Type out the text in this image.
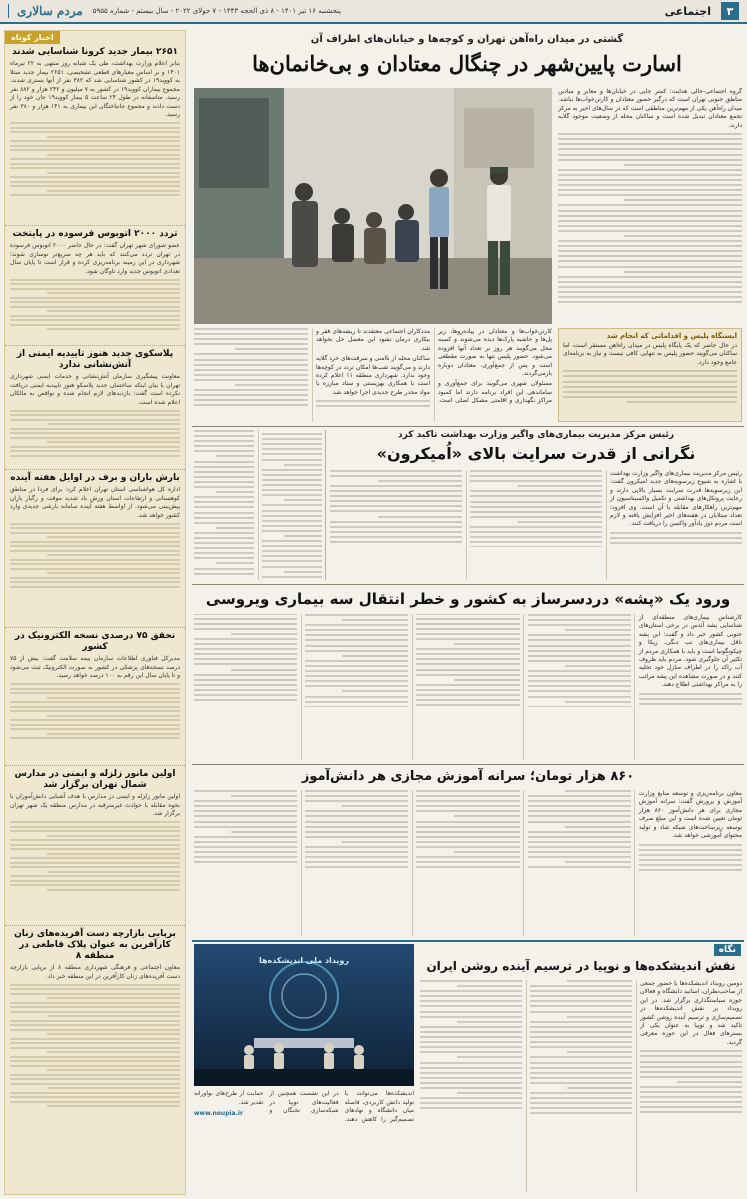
۳
اجتماعی
پنجشنبه ۱۶ تیر ۱۴۰۱ - ۸ ذی الحجه ۱۴۴۳ - ۷ جولای ۲۰۲۲ - سال بیستم - شماره ۵۹۵۵
مردم سالاری
اخبار کوتاه
۲۶۵۱ بیمار جدید کرونا شناسایی شدند

بنابر اعلام وزارت بهداشت، طی یک شبانه روز منتهی به ۲۲ تیرماه ۱۴۰۱ و بر اساس معیارهای قطعی تشخیصی، ۲۶۵۱ بیمار جدید مبتلا به کووید۱۹ در کشور شناسایی شد که ۳۸۲ نفر از آنها بستری شدند. مجموع بیماران کووید۱۹ در کشور به ۷ میلیون و ۲۴۲ هزار و ۸۸۲ نفر رسید. متاسفانه در طول ۲۴ ساعت ۵ بیمار کووید۱۹ جان خود را از دست دادند و مجموع جانباختگان این بیماری به ۱۴۱ هزار و ۳۸۰ نفر رسید.

تردد ۲۰۰۰ اتوبوس فرسوده در پایتخت

عضو شورای شهر تهران گفت: در حال حاضر ۲۰۰۰ اتوبوس فرسوده در تهران تردد می‌کنند که باید هر چه سریع‌تر نوسازی شوند؛ شهرداری در این زمینه برنامه‌ریزی کرده و قرار است تا پایان سال تعدادی اتوبوس جدید وارد ناوگان شود.

پلاسکوی جدید هنوز تاییدیه ایمنی از آتش‌نشانی ندارد

معاونت پیشگیری سازمان آتش‌نشانی و خدمات ایمنی شهرداری تهران با بیان اینکه ساختمان جدید پلاسکو هنوز تاییدیه ایمنی دریافت نکرده است گفت: بازدیدهای لازم انجام شده و نواقص به مالکان اعلام شده است.

بارش باران و برف در اوایل هفته آینده

اداره کل هواشناسی استان تهران اعلام کرد: برای فردا در مناطق کوهستانی و ارتفاعات استان وزش باد شدید موقت و رگبار باران پیش‌بینی می‌شود. از اواسط هفته آینده سامانه بارشی جدیدی وارد کشور خواهد شد.

تحقق ۷۵ درصدی نسخه الکترونیک در کشور

مدیرکل فناوری اطلاعات سازمان بیمه سلامت گفت: بیش از ۷۵ درصد نسخه‌های پزشکی در کشور به صورت الکترونیک ثبت می‌شود و تا پایان سال این رقم به ۱۰۰ درصد خواهد رسید.

اولین مانور زلزله و ایمنی در مدارس شمال تهران برگزار شد

اولین مانور زلزله و ایمنی در مدارس با هدف آشنایی دانش‌آموزان با نحوه مقابله با حوادث غیرمترقبه در مدارس منطقه یک شهر تهران برگزار شد.

برپایی بازارچه دست آفریده‌های زنان کارآفرین به عنوان پلاک قاطعی در منطقه ۸

معاون اجتماعی و فرهنگی شهرداری منطقه ۸ از برپایی بازارچه دست آفریده‌های زنان کارآفرین در این منطقه خبر داد.

گشتی در میدان راه‌آهن تهران و کوچه‌ها و خیابان‌های اطراف آن
اسارت پایین‌شهر در چنگال معتادان و بی‌خانمان‌ها

گروه اجتماعی-حالی هدایت: کمتر جایی در خیابان‌ها و معابر و میادین مناطق جنوبی تهران است که درگیر حضور معتادان و کارتن‌خواب‌ها نباشد. میدان راه‌آهن یکی از مهم‌ترین مناطقی است که در سال‌های اخیر به مرکز تجمع معتادان تبدیل شده است و ساکنان محله از وضعیت موجود گلایه دارند.

کارتن‌خواب‌ها و معتادان در پیاده‌روها، زیر پل‌ها و حاشیه پارک‌ها دیده می‌شوند و کسبه محل می‌گویند هر روز بر تعداد آنها افزوده می‌شود. حضور پلیس تنها به صورت مقطعی است و پس از جمع‌آوری، معتادان دوباره بازمی‌گردند.

مسئولان شهری می‌گویند برای جمع‌آوری و ساماندهی این افراد برنامه دارند اما کمبود مراکز نگهداری و اقامتی مشکل اصلی است. مددکاران اجتماعی معتقدند تا ریشه‌های فقر و بیکاری درمان نشود این معضل حل نخواهد شد.

ساکنان محله از ناامنی و سرقت‌های خرد گلایه دارند و می‌گویند شب‌ها امکان تردد در کوچه‌ها وجود ندارد. شهرداری منطقه ۱۱ اعلام کرده است با همکاری بهزیستی و ستاد مبارزه با مواد مخدر طرح جدیدی اجرا خواهد شد.

ایستگاه پلیس و اقداماتی که انجام شد

در حال حاضر که یک پایگاه پلیس در میدان راه‌آهن مستقر است، اما ساکنان می‌گویند حضور پلیس به تنهایی کافی نیست و نیاز به برنامه‌ای جامع وجود دارد.

رئیس مرکز مدیریت بیماری‌های واگیر وزارت بهداشت تاکید کرد
نگرانی از قدرت سرایت بالای «اُمیکرون»

رئیس مرکز مدیریت بیماری‌های واگیر وزارت بهداشت با اشاره به شیوع زیرسویه‌های جدید امیکرون گفت: این زیرسویه‌ها قدرت سرایت بسیار بالایی دارند و رعایت پروتکل‌های بهداشتی و تکمیل واکسیناسیون از مهم‌ترین راهکارهای مقابله با آن است. وی افزود: تعداد مبتلایان در هفته‌های اخیر افزایش یافته و لازم است مردم دوز یادآور واکسن را دریافت کنند.

ورود یک «پشه» دردسرساز به کشور و خطر انتقال سه بیماری ویروسی

کارشناس بیماری‌های منطقه‌ای از شناسایی پشه آئدس در برخی استان‌های جنوبی کشور خبر داد و گفت: این پشه ناقل بیماری‌های تب دنگی، زیکا و چیکونگونیا است و باید با همکاری مردم از تکثیر آن جلوگیری شود. مردم باید ظروف آب راکد را در اطراف منازل خود تخلیه کنند و در صورت مشاهده این پشه مراتب را به مراکز بهداشتی اطلاع دهند.

۸۶۰ هزار تومان؛ سرانه آموزش مجازی هر دانش‌آموز

معاون برنامه‌ریزی و توسعه منابع وزارت آموزش و پرورش گفت: سرانه آموزش مجازی برای هر دانش‌آموز ۸۶۰ هزار تومان تعیین شده است و این مبلغ صرف توسعه زیرساخت‌های شبکه شاد و تولید محتوای آموزشی خواهد شد.

نگاه
نقش اندیشکده‌ها و نوپیا در ترسیم آینده روشن ایران
رویداد ملی اندیشکده‌ها

دومین رویداد اندیشکده‌ها با حضور جمعی از صاحب‌نظران، اساتید دانشگاه و فعالان حوزه سیاستگذاری برگزار شد. در این رویداد بر نقش اندیشکده‌ها در تصمیم‌سازی و ترسیم آینده روشن کشور تاکید شد و نوپیا به عنوان یکی از بسترهای فعال در این حوزه معرفی گردید.

اندیشکده‌ها می‌توانند با تولید دانش کاربردی، فاصله میان دانشگاه و نهادهای تصمیم‌گیر را کاهش دهند. در این نشست همچنین از فعالیت‌های نوپیا در شبکه‌سازی نخبگان و حمایت از طرح‌های نوآورانه تقدیر شد.
www.noupia.ir
